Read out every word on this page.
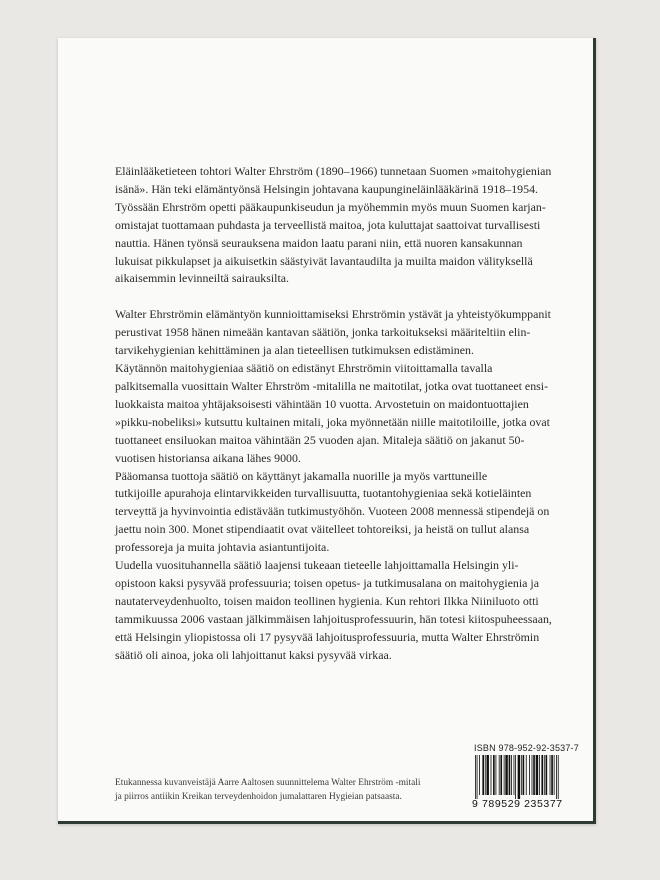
Eläinlääketieteen tohtori Walter Ehrström (1890–1966) tunnetaan Suomen »maitohygienian
isänä». Hän teki elämäntyönsä Helsingin johtavana kaupungineläinlääkärinä 1918–1954.
Työssään Ehrström opetti pääkaupunkiseudun ja myöhemmin myös muun Suomen karjan-
omistajat tuottamaan puhdasta ja terveellistä maitoa, jota kuluttajat saattoivat turvallisesti
nauttia. Hänen työnsä seurauksena maidon laatu parani niin, että nuoren kansakunnan
lukuisat pikkulapset ja aikuisetkin säästyivät lavantaudilta ja muilta maidon välityksellä
aikaisemmin levinneiltä sairauksilta.

Walter Ehrströmin elämäntyön kunnioittamiseksi Ehrströmin ystävät ja yhteistyökumppanit
perustivat 1958 hänen nimeään kantavan säätiön, jonka tarkoitukseksi määriteltiin elin-
tarvikehygienian kehittäminen ja alan tieteellisen tutkimuksen edistäminen.

Käytännön maitohygieniaa säätiö on edistänyt Ehrströmin viitoittamalla tavalla
palkitsemalla vuosittain Walter Ehrström -mitalilla ne maitotilat, jotka ovat tuottaneet ensi-
luokkaista maitoa yhtäjaksoisesti vähintään 10 vuotta. Arvostetuin on maidontuottajien
»pikku-nobeliksi» kutsuttu kultainen mitali, joka myönnetään niille maitotiloille, jotka ovat
tuottaneet ensiluokan maitoa vähintään 25 vuoden ajan. Mitaleja säätiö on jakanut 50-
vuotisen historiansa aikana lähes 9000.

Pääomansa tuottoja säätiö on käyttänyt jakamalla nuorille ja myös varttuneille
tutkijoille apurahoja elintarvikkeiden turvallisuutta, tuotantohygieniaa sekä kotieläinten
terveyttä ja hyvinvointia edistävään tutkimustyöhön. Vuoteen 2008 mennessä stipendejä on
jaettu noin 300. Monet stipendiaatit ovat väitelleet tohtoreiksi, ja heistä on tullut alansa
professoreja ja muita johtavia asiantuntijoita.

Uudella vuosituhannella säätiö laajensi tukeaan tieteelle lahjoittamalla Helsingin yli-
opistoon kaksi pysyvää professuuria; toisen opetus- ja tutkimusalana on maitohygienia ja
nautaterveydenhuolto, toisen maidon teollinen hygienia. Kun rehtori Ilkka Niiniluoto otti
tammikuussa 2006 vastaan jälkimmäisen lahjoitusprofessuurin, hän totesi kiitospuheessaan,
että Helsingin yliopistossa oli 17 pysyvää lahjoitusprofessuuria, mutta Walter Ehrströmin
säätiö oli ainoa, joka oli lahjoittanut kaksi pysyvää virkaa.

Etukannessa kuvanveistäjä Aarre Aaltosen suunnittelema Walter Ehrström -mitali
ja piirros antiikin Kreikan terveydenhoidon jumalattaren Hygieian patsaasta.
ISBN 978-952-92-3537-7
9 789529 235377
